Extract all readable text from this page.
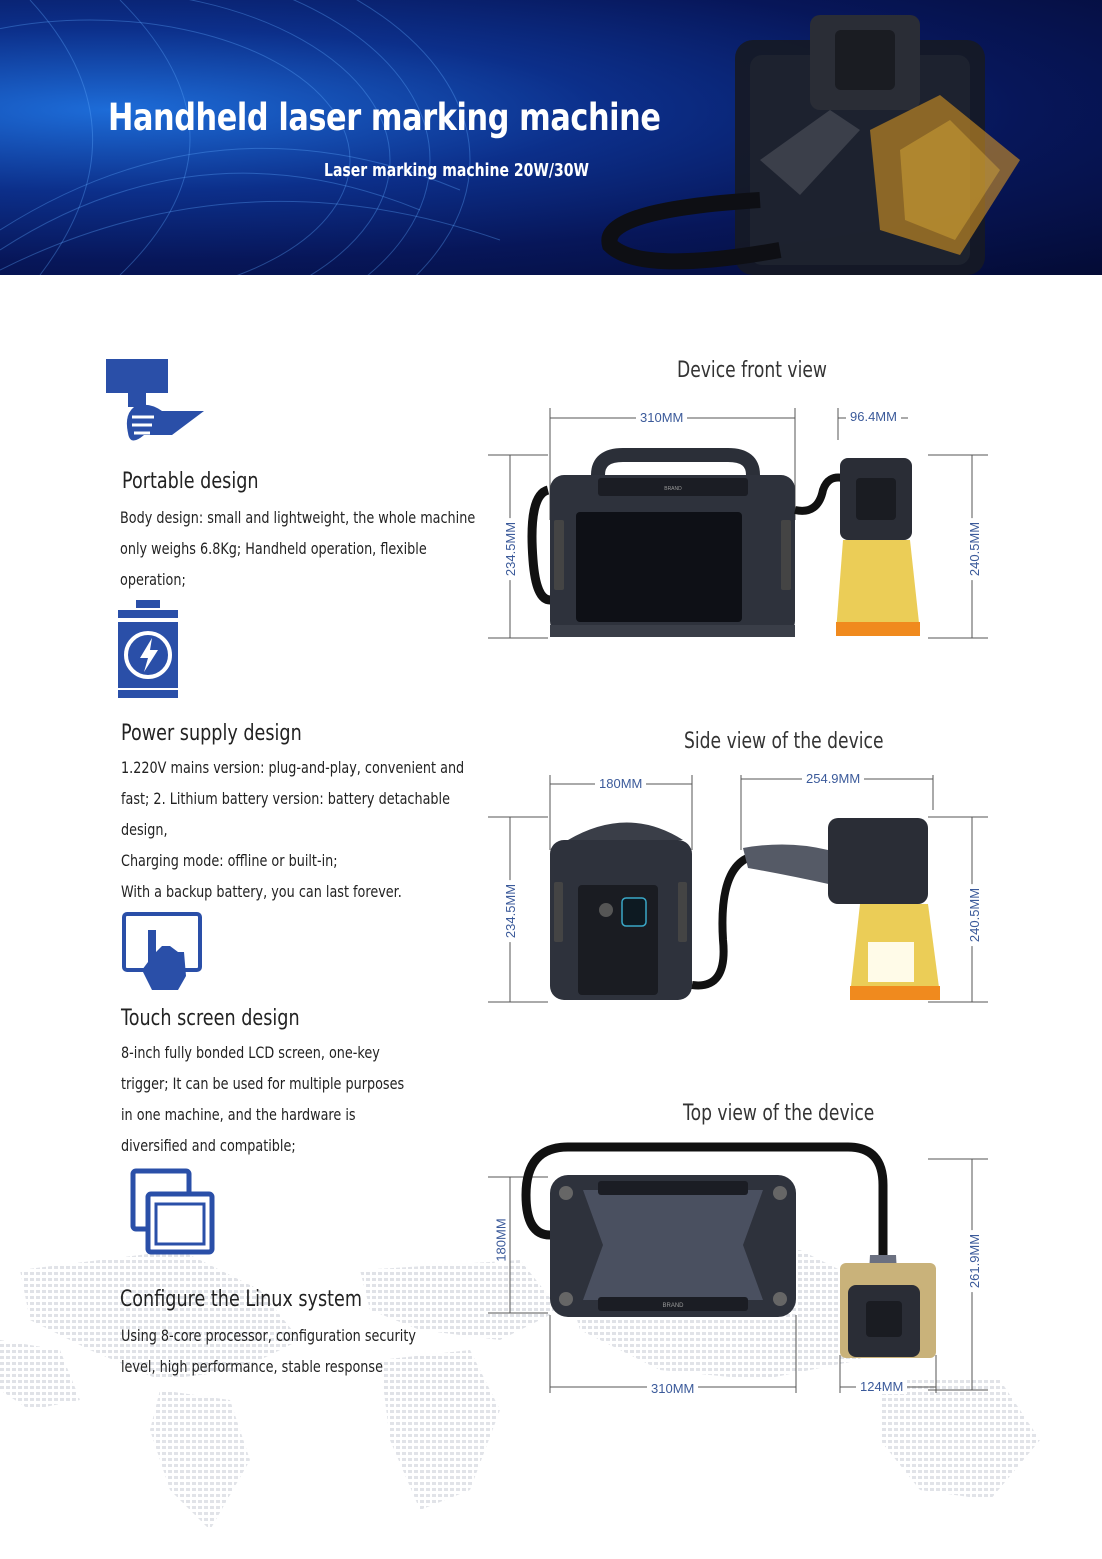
Handheld laser marking machine
Laser marking machine 20W/30W
Portable design

Body design: small and lightweight, the whole machine

only weighs 6.8Kg; Handheld operation, flexible

operation;

Power supply design

1.220V mains version: plug-and-play, convenient and

fast; 2. Lithium battery version: battery detachable

design,

Charging mode: offline or built-in;

With a backup battery, you can last forever.

Touch screen design

8-inch fully bonded LCD screen, one-key

trigger; It can be used for multiple purposes

in one machine, and the hardware is

diversified and compatible;

Configure the Linux system

Using 8-core processor, configuration security

level, high performance, stable response

Device front view
BRAND
310MM	96.4MM
234.5MM	240.5MM
Side view of the device
180MM	254.9MM
234.5MM	240.5MM
Top view of the device
BRAND
180MM	261.9MM
310MM	124MM
